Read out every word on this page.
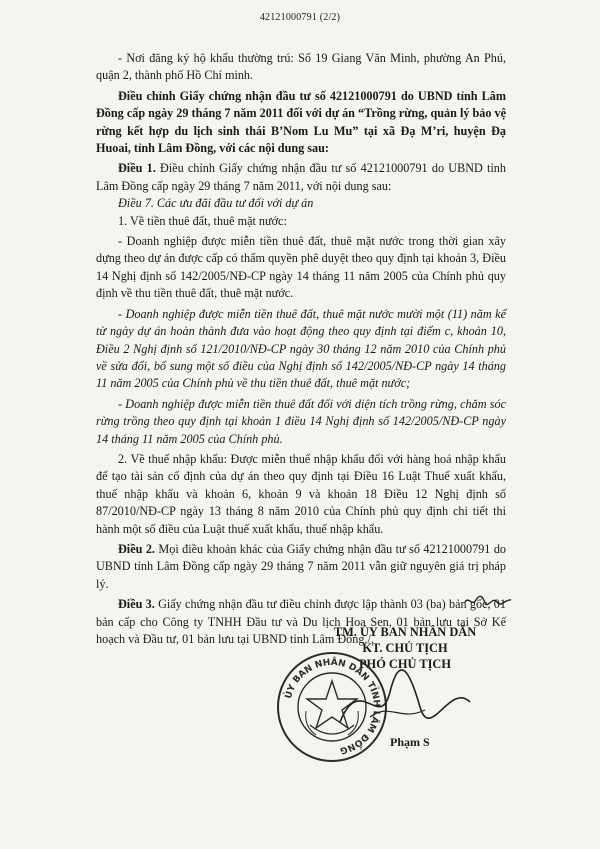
42121000791 (2/2)

- Nơi đăng ký hộ khẩu thường trú: Số 19 Giang Văn Minh, phường An Phú, quận 2, thành phố Hồ Chí minh.

Điều chỉnh Giấy chứng nhận đầu tư số 42121000791 do UBND tỉnh Lâm Đồng cấp ngày 29 tháng 7 năm 2011 đối với dự án “Trồng rừng, quản lý bảo vệ rừng kết hợp du lịch sinh thái B’Nom Lu Mu” tại xã Đạ M’ri, huyện Đạ Huoai, tỉnh Lâm Đồng, với các nội dung sau:

Điều 1. Điều chỉnh Giấy chứng nhận đầu tư số 42121000791 do UBND tỉnh Lâm Đồng cấp ngày 29 tháng 7 năm 2011, với nội dung sau:

Điều 7. Các ưu đãi đầu tư đối với dự án

1. Về tiền thuê đất, thuê mặt nước:

- Doanh nghiệp được miễn tiền thuê đất, thuê mặt nước trong thời gian xây dựng theo dự án được cấp có thẩm quyền phê duyệt theo quy định tại khoản 3, Điều 14 Nghị định số 142/2005/NĐ-CP ngày 14 tháng 11 năm 2005 của Chính phủ quy định về thu tiền thuê đất, thuê mặt nước.

- Doanh nghiệp được miễn tiền thuê đất, thuê mặt nước mười một (11) năm kể từ ngày dự án hoàn thành đưa vào hoạt động theo quy định tại điểm c, khoản 10, Điều 2 Nghị định số 121/2010/NĐ-CP ngày 30 tháng 12 năm 2010 của Chính phủ về sửa đổi, bổ sung một số điều của Nghị định số 142/2005/NĐ-CP ngày 14 tháng 11 năm 2005 của Chính phủ về thu tiền thuê đất, thuê mặt nước;

- Doanh nghiệp được miễn tiền thuê đất đối với diện tích trồng rừng, chăm sóc rừng trồng theo quy định tại khoản 1 điều 14 Nghị định số 142/2005/NĐ-CP ngày 14 tháng 11 năm 2005 của Chính phủ.

2. Về thuế nhập khẩu: Được miễn thuế nhập khẩu đối với hàng hoá nhập khẩu để tạo tài sản cố định của dự án theo quy định tại Điều 16 Luật Thuế xuất khẩu, thuế nhập khẩu và khoản 6, khoản 9 và khoản 18 Điều 12 Nghị định số 87/2010/NĐ-CP ngày 13 tháng 8 năm 2010 của Chính phủ quy định chi tiết thi hành một số điều của Luật thuế xuất khẩu, thuế nhập khẩu.

Điều 2. Mọi điều khoản khác của Giấy chứng nhận đầu tư số 42121000791 do UBND tỉnh Lâm Đồng cấp ngày 29 tháng 7 năm 2011 vẫn giữ nguyên giá trị pháp lý.

Điều 3. Giấy chứng nhận đầu tư điều chỉnh được lập thành 03 (ba) bản gốc, 01 bản cấp cho Công ty TNHH Đầu tư và Du lịch Hoa Sen, 01 bản lưu tại Sở Kế hoạch và Đầu tư, 01 bản lưu tại UBND tỉnh Lâm Đồng./.

TM. ỦY BAN NHÂN DÂN
KT. CHỦ TỊCH
PHÓ CHỦ TỊCH
ỦY BAN NHÂN DÂN TỈNH LÂM ĐỒNG
Phạm S
